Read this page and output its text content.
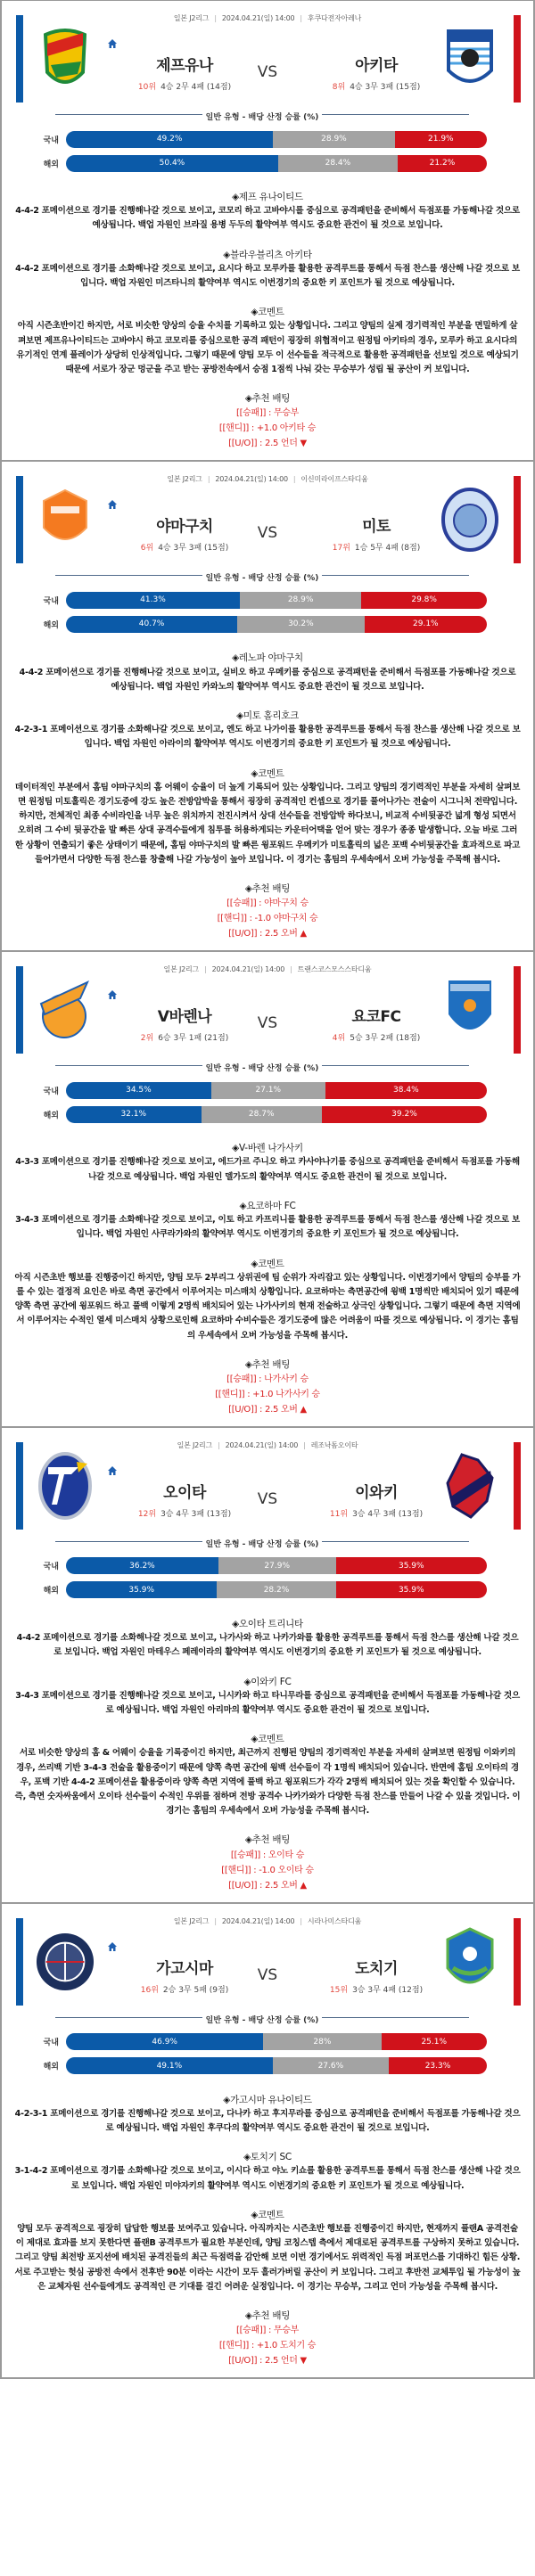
일본 J2리그 | 2024.04.21(일) 14:00 | 후쿠다전자아레나
제프유나
10위 4승 2무 4패 (14점)
VS	아키타
8위 4승 3무 3패 (15점)
일반 유형 - 배당 산정 승률 (%)
국내	49.2%	28.9%	21.9%
해외	50.4%	28.4%	21.2%
◈제프 유나이티드
4-4-2 포메이션으로 경기를 진행해나갈 것으로 보이고, 코모리 하고 고바야시를 중심으로 공격패턴을 준비해서 득점포를 가동해나갈 것으로 예상됩니다. 백업 자원인 브라질 용병 두두의 활약여부 역시도 중요한 관건이 될 것으로 보입니다.
◈블라우블리츠 아키타
4-4-2 포메이션으로 경기를 소화해나갈 것으로 보이고, 요시다 하고 모루카를 활용한 공격루트를 통해서 득점 찬스를 생산해 나갈 것으로 보입니다. 백업 자원인 미즈타니의 활약여부 역시도 이번경기의 중요한 키 포인트가 될 것으로 예상됩니다.
◈코멘트
아직 시즌초반이긴 하지만, 서로 비슷한 양상의 승율 수치를 기록하고 있는 상황입니다. 그리고 양팀의 실제 경기력적인 부분을 면밀하게 살펴보면 제프유나이티드는 고바야시 하고 코모리를 중심으로한 공격 패턴이 굉장히 위협적이고 원정팀 아키타의 경우, 모루카 하고 요시다의 유기적인 연계 플레이가 상당히 인상적입니다. 그렇기 때문에 양팀 모두 이 선수들을 적극적으로 활용한 공격패턴을 선보일 것으로 예상되기 때문에 서로가 장군 멍군을 주고 받는 공방전속에서 승점 1점씩 나눠 갖는 무승부가 성립 될 공산이 커 보입니다.
◈추천 배팅
[[승패]] : 무승부
[[핸디]] : +1.0 아키타 승
[[U/O]] : 2.5 언더 ▼
일본 J2리그 | 2024.04.21(일) 14:00 | 이신미라이프스타디움
야마구치
6위 4승 3무 3패 (15점)
VS	미토
17위 1승 5무 4패 (8점)
일반 유형 - 배당 산정 승률 (%)
국내	41.3%	28.9%	29.8%
해외	40.7%	30.2%	29.1%
◈레노파 야마구치
4-4-2 포메이션으로 경기를 진행해나갈 것으로 보이고, 실비오 하고 우메키를 중심으로 공격패턴을 준비해서 득점포를 가동해나갈 것으로 예상됩니다. 백업 자원인 카와노의 활약여부 역시도 중요한 관건이 될 것으로 보입니다.
◈미토 홀리호크
4-2-3-1 포메이션으로 경기를 소화해나갈 것으로 보이고, 엔도 하고 나가이를 활용한 공격루트를 통해서 득점 찬스를 생산해 나갈 것으로 보입니다. 백업 자원인 아라이의 활약여부 역시도 이번경기의 중요한 키 포인트가 될 것으로 예상됩니다.
◈코멘트
데이터적인 부분에서 홈팀 야마구치의 홈 어웨이 승율이 더 높게 기록되어 있는 상황입니다. 그리고 양팀의 경기력적인 부분을 자세히 살펴보면 원정팀 미토홀릭은 경기도중에 강도 높은 전방압박을 통해서 굉장히 공격적인 컨셉으로 경기를 풀어나가는 전술이 시그니처 전략입니다. 하지만, 전체적인 최종 수비라인을 너무 높은 위치까지 전진시켜서 상대 선수들을 전방압박 하다보니, 비교적 수비뒷공간 넓게 형성 되면서 오히려 그 수비 뒷공간을 발 빠른 상대 공격수들에게 침투를 허용하게되는 카운터어택을 얻어 맞는 경우가 종종 발생합니다. 오늘 바로 그러한 상황이 연출되기 좋은 상태이기 때문에, 홈팀 야마구치의 발 빠른 윙포워드 우메키가 미토홀릭의 넓은 포백 수비뒷공간을 효과적으로 파고들어가면서 다양한 득점 찬스를 창출해 나갈 가능성이 높아 보입니다. 이 경기는 홈팀의 우세속에서 오버 가능성을 주목해 봅시다.
◈추천 배팅
[[승패]] : 야마구치 승
[[핸디]] : -1.0 야마구치 승
[[U/O]] : 2.5 오버 ▲
일본 J2리그 | 2024.04.21(일) 14:00 | 트랜스코스모스스타디움
V바렌나
2위 6승 3무 1패 (21점)
VS	요코FC
4위 5승 3무 2패 (18점)
일반 유형 - 배당 산정 승률 (%)
국내	34.5%	27.1%	38.4%
해외	32.1%	28.7%	39.2%
◈V-바렌 나가사키
4-3-3 포메이션으로 경기를 진행해나갈 것으로 보이고, 에드가르 주니오 하고 카사야나기를 중심으로 공격패턴을 준비해서 득점포를 가동해나갈 것으로 예상됩니다. 백업 자원인 델가도의 활약여부 역시도 중요한 관건이 될 것으로 보입니다.
◈요코하마 FC
3-4-3 포메이션으로 경기를 소화해나갈 것으로 보이고, 이토 하고 카프리니를 활용한 공격루트를 통해서 득점 찬스를 생산해 나갈 것으로 보입니다. 백업 자원인 사쿠라가와의 활약여부 역시도 이번경기의 중요한 키 포인트가 될 것으로 예상됩니다.
◈코멘트
아직 시즌초반 행보를 진행중이긴 하지만, 양팀 모두 2부리그 상위권에 팀 순위가 자리잡고 있는 상황입니다. 이번경기에서 양팀의 승부를 가를 수 있는 결정적 요인은 바로 측면 공간에서 이루어지는 미스매치 상황입니다. 요코하마는 측면공간에 윙백 1명씩만 배치되어 있기 때문에 양쪽 측면 공간에 윙포워드 하고 풀백 이렇게 2명씩 배치되어 있는 나가사키의 현재 전술하고 상극인 상황입니다. 그렇기 때문에 측면 지역에서 이루어지는 수적인 열세 미스매치 상황으로인해 요코하마 수비수들은 경기도중에 많은 어려움이 따를 것으로 예상됩니다. 이 경기는 홈팀의 우세속에서 오버 가능성을 주목해 봅시다.
◈추천 배팅
[[승패]] : 나가사키 승
[[핸디]] : +1.0 나가사키 승
[[U/O]] : 2.5 오버 ▲
일본 J2리그 | 2024.04.21(일) 14:00 | 레조낙돔오이타
오이타
12위 3승 4무 3패 (13점)
VS	이와키
11위 3승 4무 3패 (13점)
일반 유형 - 배당 산정 승률 (%)
국내	36.2%	27.9%	35.9%
해외	35.9%	28.2%	35.9%
◈오이타 트리니타
4-4-2 포메이션으로 경기를 소화해나갈 것으로 보이고, 나가사와 하고 나카가와를 활용한 공격루트를 통해서 득점 찬스를 생산해 나갈 것으로 보입니다. 백업 자원인 마테우스 페레이라의 활약여부 역시도 이번경기의 중요한 키 포인트가 될 것으로 예상됩니다.
◈이와키 FC
3-4-3 포메이션으로 경기를 진행해나갈 것으로 보이고, 니시카와 하고 타니무라를 중심으로 공격패턴을 준비해서 득점포를 가동해나갈 것으로 예상됩니다. 백업 자원인 아리마의 활약여부 역시도 중요한 관건이 될 것으로 보입니다.
◈코멘트
서로 비슷한 양상의 홈 & 어웨이 승율을 기록중이긴 하지만, 최근까지 진행된 양팀의 경기력적인 부분을 자세히 살펴보면 원정팀 이와키의 경우, 쓰리백 기반 3-4-3 전술을 활용중이기 때문에 양쪽 측면 공간에 윙백 선수들이 각 1명씩 배치되어 있습니다. 반면에 홈팀 오이타의 경우, 포백 기반 4-4-2 포메이션을 활용중이라 양쪽 측면 지역에 풀백 하고 윙포워드가 각각 2명씩 배치되어 있는 것을 확인할 수 있습니다. 즉, 측면 숫자싸움에서 오이타 선수들이 수적인 우위를 점하며 전방 공격수 나카가와가 다양한 득점 찬스를 만들어 나갈 수 있을 것입니다. 이 경기는 홈팀의 우세속에서 오버 가능성을 주목해 봅시다.
◈추천 배팅
[[승패]] : 오이타 승
[[핸디]] : -1.0 오이타 승
[[U/O]] : 2.5 오버 ▲
일본 J2리그 | 2024.04.21(일) 14:00 | 시라나미스타디움
가고시마
16위 2승 3무 5패 (9점)
VS	도치기
15위 3승 3무 4패 (12점)
일반 유형 - 배당 산정 승률 (%)
국내	46.9%	28%	25.1%
해외	49.1%	27.6%	23.3%
◈가고시마 유나이티드
4-2-3-1 포메이션으로 경기를 진행해나갈 것으로 보이고, 다나카 하고 후지무라를 중심으로 공격패턴을 준비해서 득점포를 가동해나갈 것으로 예상됩니다. 백업 자원인 후쿠다의 활약여부 역시도 중요한 관건이 될 것으로 보입니다.
◈토치기 SC
3-1-4-2 포메이션으로 경기를 소화해나갈 것으로 보이고, 이시다 하고 야노 키쇼를 활용한 공격루트를 통해서 득점 찬스를 생산해 나갈 것으로 보입니다. 백업 자원인 미야자키의 활약여부 역시도 이번경기의 중요한 키 포인트가 될 것으로 예상됩니다.
◈코멘트
양팀 모두 공격적으로 굉장히 답답한 행보를 보여주고 있습니다. 아직까지는 시즌초반 행보를 진행중이긴 하지만, 현재까지 플랜A 공격전술이 제대로 효과를 보지 못한다면 플랜B 공격루트가 필요한 부분인데, 양팀 코칭스텝 측에서 제대로된 공격루트를 구상하지 못하고 있습니다. 그리고 양팀 최전방 포지션에 배치된 공격진들의 최근 득점력을 감안해 보면 이번 경기에서도 위력적인 득점 퍼포먼스를 기대하긴 힘든 상황. 서로 주고받는 헛심 공방전 속에서 전후반 90분 이라는 시간이 모두 흘러가버릴 공산이 커 보입니다. 그리고 후반전 교체투입 될 가능성이 높은 교체자원 선수들에게도 공격적인 큰 기대를 걸긴 어려운 실정입니다. 이 경기는 무승부, 그리고 언더 가능성을 주목해 봅시다.
◈추천 배팅
[[승패]] : 무승부
[[핸디]] : +1.0 도치기 승
[[U/O]] : 2.5 언더 ▼
